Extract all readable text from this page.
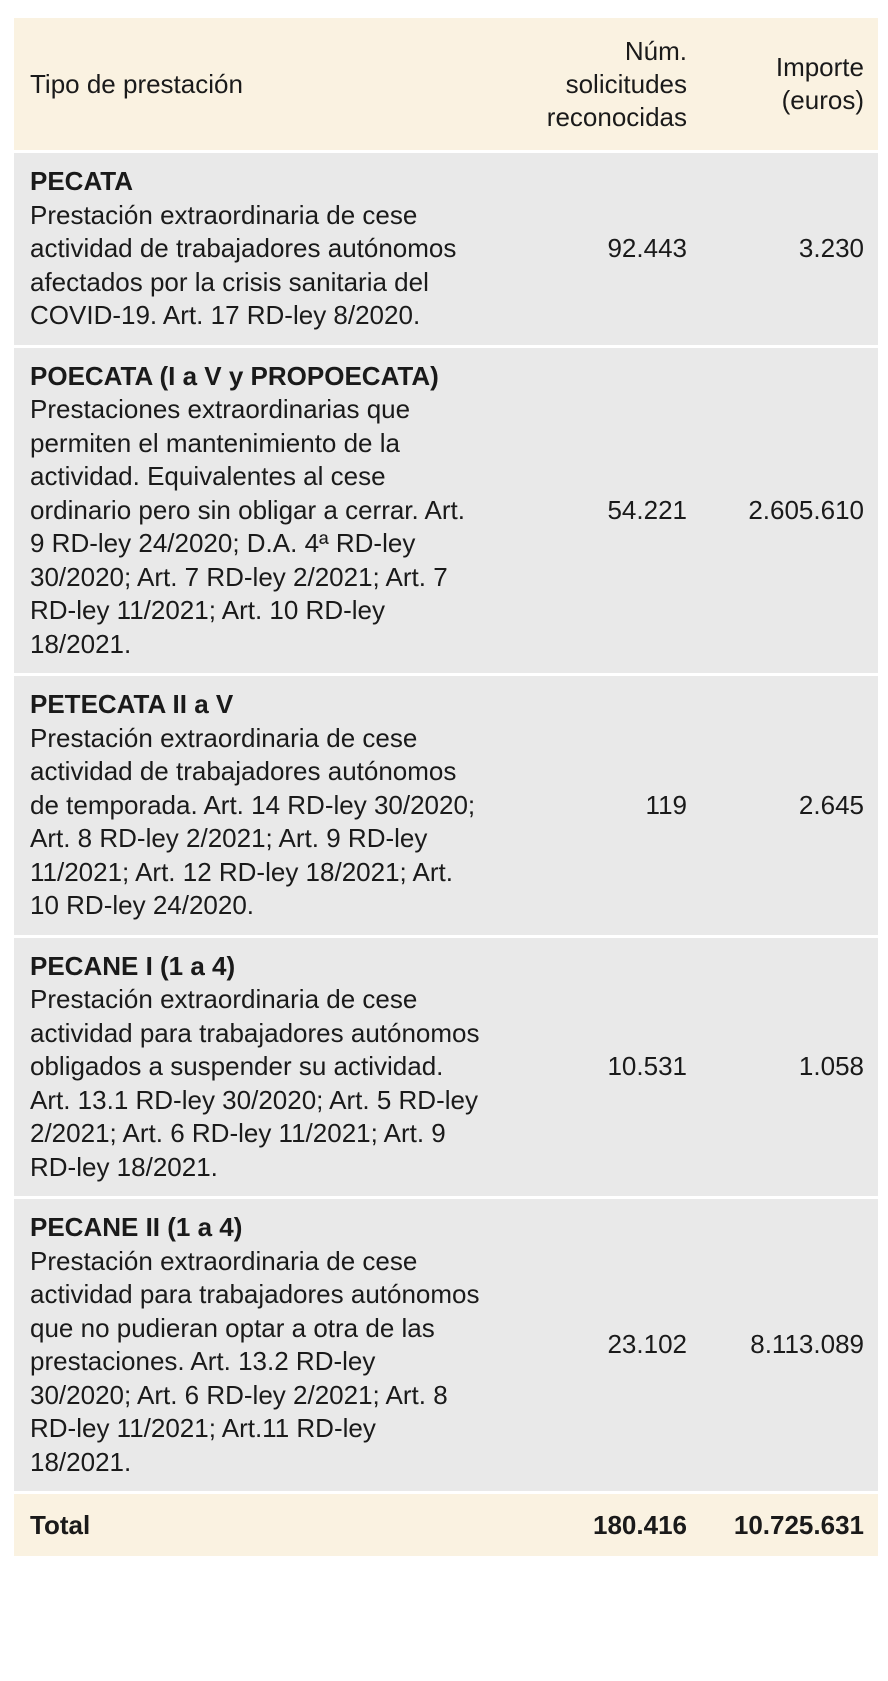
Tipo de prestación	Núm. solicitudes reconocidas	Importe (euros)

PECATA
Prestación extraordinaria de cese actividad de trabajadores autónomos afectados por la crisis sanitaria del COVID-19. Art. 17 RD-ley 8/2020.	92.443	3.230

POECATA (I a V y PROPOECATA)
Prestaciones extraordinarias que permiten el mantenimiento de la actividad. Equivalentes al cese ordinario pero sin obligar a cerrar. Art. 9 RD-ley 24/2020; D.A. 4ª RD-ley 30/2020; Art. 7 RD-ley 2/2021; Art. 7 RD-ley 11/2021; Art. 10 RD-ley 18/2021.	54.221	2.605.610

PETECATA II a V
Prestación extraordinaria de cese actividad de trabajadores autónomos de temporada. Art. 14 RD-ley 30/2020; Art. 8 RD-ley 2/2021; Art. 9 RD-ley 11/2021; Art. 12 RD-ley 18/2021; Art. 10 RD-ley 24/2020.	119	2.645

PECANE I (1 a 4)
Prestación extraordinaria de cese actividad para trabajadores autónomos obligados a suspender su actividad. Art. 13.1 RD-ley 30/2020; Art. 5 RD-ley 2/2021; Art. 6 RD-ley 11/2021; Art. 9 RD-ley 18/2021.	10.531	1.058

PECANE II (1 a 4)
Prestación extraordinaria de cese actividad para trabajadores autónomos que no pudieran optar a otra de las prestaciones. Art. 13.2 RD-ley 30/2020; Art. 6 RD-ley 2/2021; Art. 8 RD-ley 11/2021; Art.11 RD-ley 18/2021.	23.102	8.113.089
Total	180.416	10.725.631
